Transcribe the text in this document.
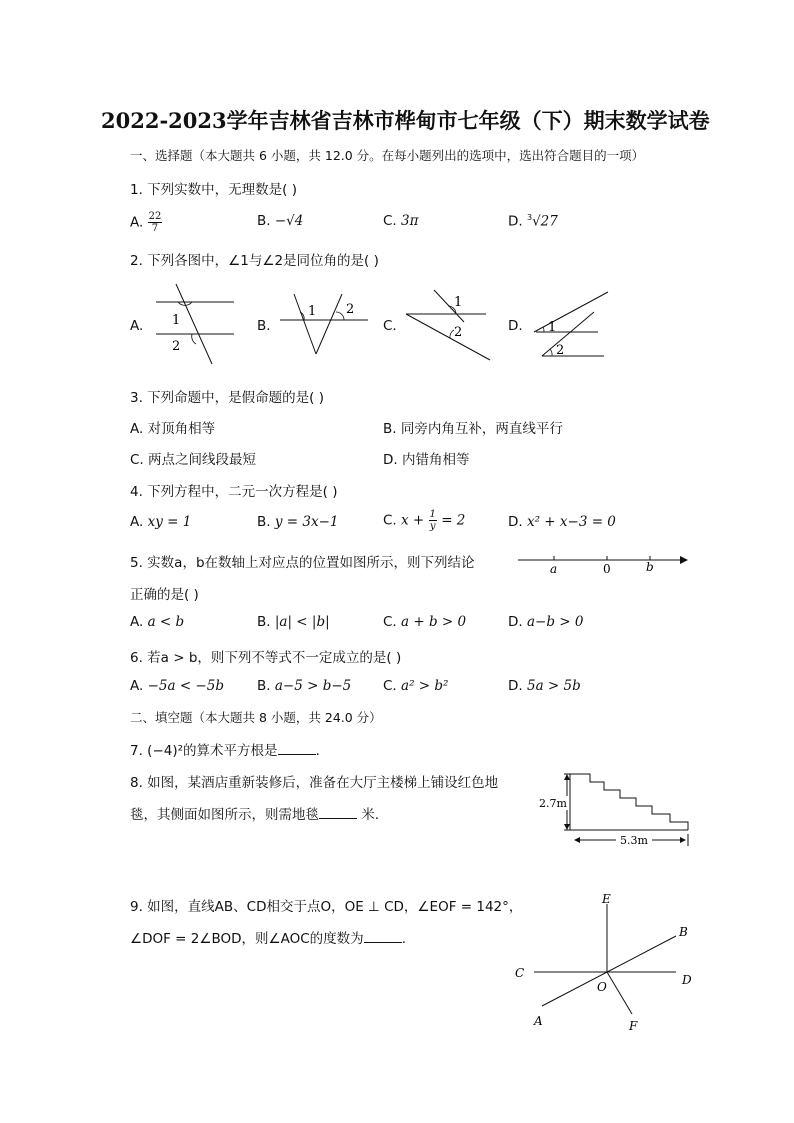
2022-2023学年吉林省吉林市桦甸市七年级（下）期末数学试卷
一、选择题（本大题共 6 小题，共 12.0 分。在每小题列出的选项中，选出符合题目的一项）
1. 下列实数中，无理数是( )
A. $\frac{22}{7}$	B. −√4	C. 3π	D. $^3$√27
2. 下列各图中，∠1与∠2是同位角的是( )
A.	B.	C.	D.
1
2
1 2	1
2	1
2
3. 下列命题中，是假命题的是( )
A. 对顶角相等	B. 同旁内角互补，两直线平行
C. 两点之间线段最短	D. 内错角相等
4. 下列方程中，二元一次方程是( )
A. xy = 1	B. y = 3x−1	C. $x + \frac{1}{y} = 2$	D. x² + x−3 = 0
5. 实数a，b在数轴上对应点的位置如图所示，则下列结论
正确的是( )
a	0	b
A. a < b	B. |a| < |b|	C. a + b > 0	D. a−b > 0
6. 若a > b，则下列不等式不一定成立的是( )
A. −5a < −5b B. a−5 > b−5 C. a² > b²	D. 5a > 5b
二、填空题（本大题共 8 小题，共 24.0 分）
7. (−4)²的算术平方根是	.
8. 如图，某酒店重新装修后，准备在大厅主楼梯上铺设红色地
毯，其侧面如图所示，则需地毯	米.
2.7m
5.3m
9. 如图，直线AB、CD相交于点O，OE ⊥ CD，∠EOF = 142°，
∠DOF = 2∠BOD，则∠AOC的度数为	.
E
B
C	D
O
A	F
